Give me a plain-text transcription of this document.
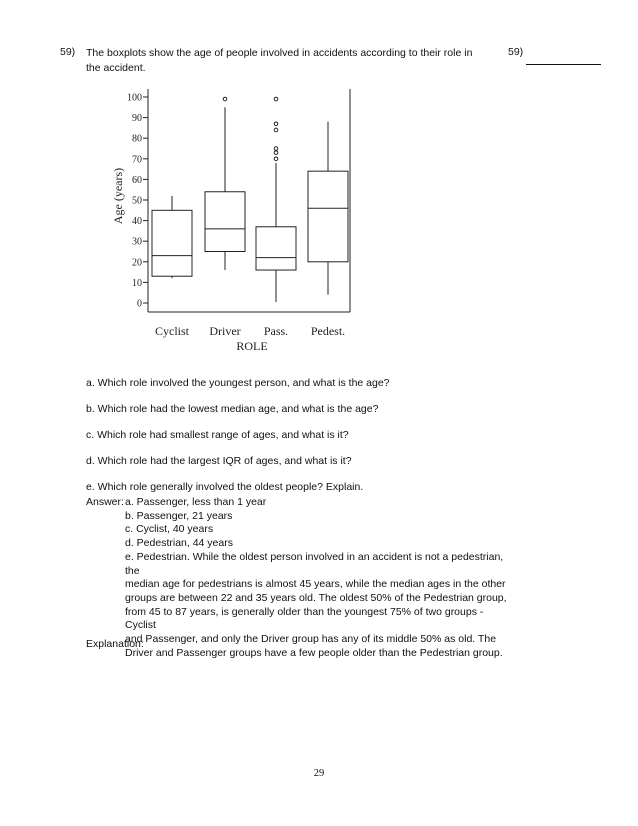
59) The boxplots show the age of people involved in accidents according to their role in the accident.
59)
Age (years)
ROLE
0
10
20
30
40
50
60
70
80
90
100
Cyclist Driver Pass. Pedest.
a. Which role involved the youngest person, and what is the age?
b. Which role had the lowest median age, and what is the age?
c. Which role had smallest range of ages, and what is it?
d. Which role had the largest IQR of ages, and what is it?
e. Which role generally involved the oldest people? Explain.
Answer: a. Passenger, less than 1 year
b. Passenger, 21 years
c. Cyclist, 40 years
d. Pedestrian, 44 years
e. Pedestrian. While the oldest person involved in an accident is not a pedestrian, the
median age for pedestrians is almost 45 years, while the median ages in the other
groups are between 22 and 35 years old. The oldest 50% of the Pedestrian group,
from 45 to 87 years, is generally older than the youngest 75% of two groups - Cyclist
and Passenger, and only the Driver group has any of its middle 50% as old. The
Driver and Passenger groups have a few people older than the Pedestrian group.
Explanation:
29
